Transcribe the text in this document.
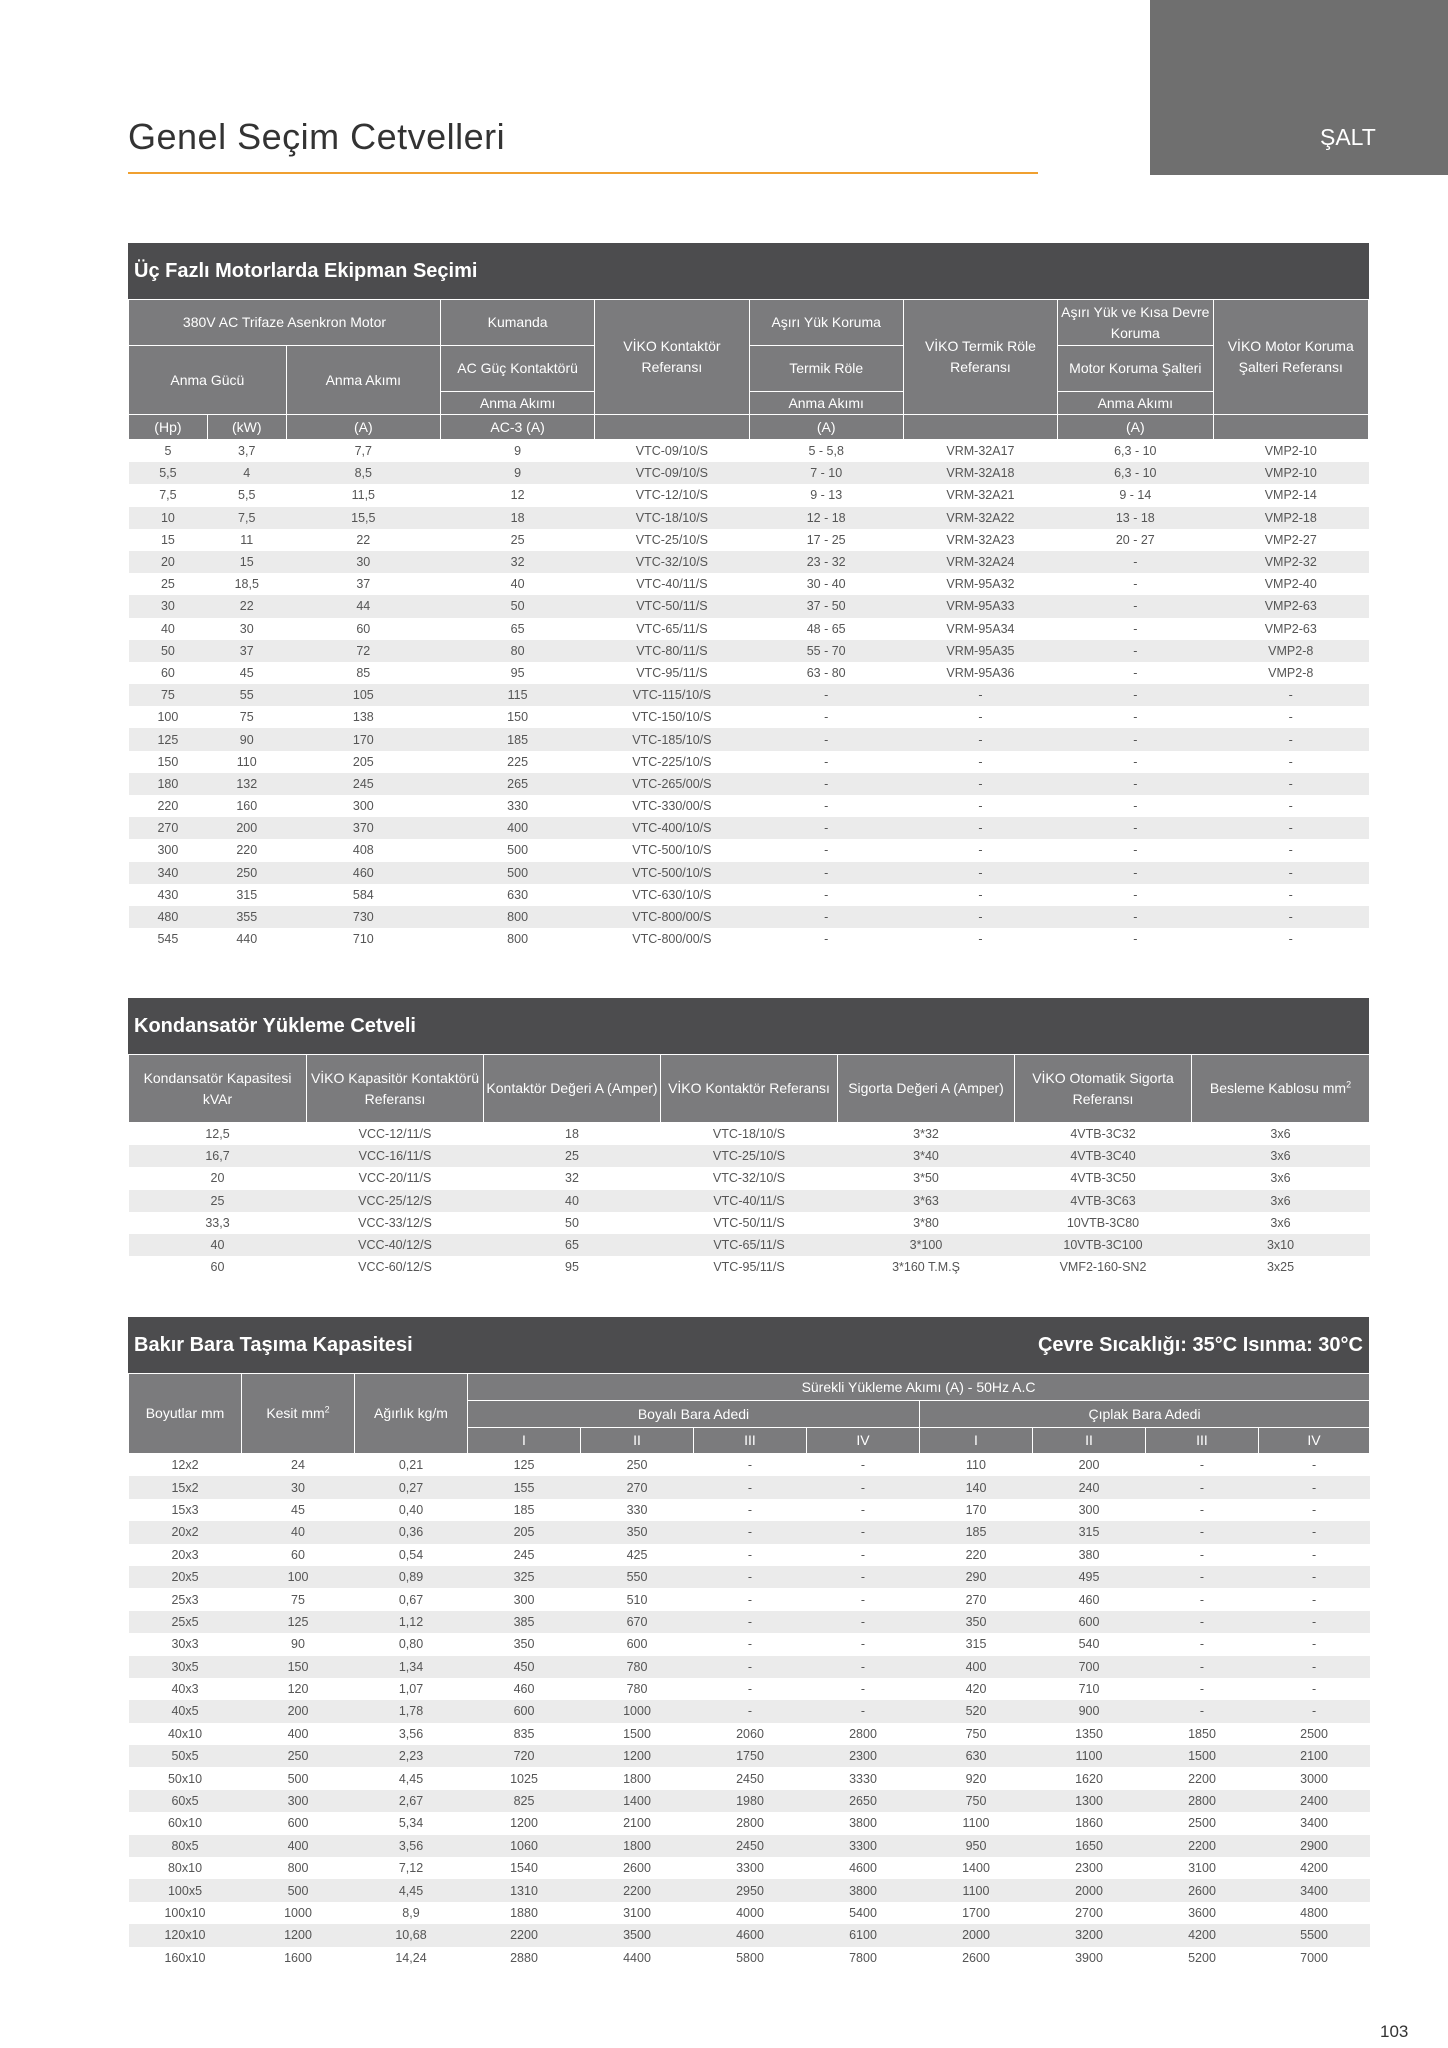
ŞALT
Genel Seçim Cetvelleri
Üç Fazlı Motorlarda Ekipman Seçimi
380V AC Trifaze Asenkron Motor			Kumanda	VİKO Kontaktör Referansı	Aşırı Yük Koruma	VİKO Termik Röle Referansı	Aşırı Yük ve Kısa Devre Koruma	VİKO Motor Koruma Şalteri Referansı
Anma Gücü		Anma Akımı	AC Güç Kontaktörü		Termik Röle		Motor Koruma Şalteri	
			Anma Akımı		Anma Akımı		Anma Akımı	
(Hp)	(kW)	(A)	AC-3 (A)		(A)		(A)	
5	3,7	7,7	9	VTC-09/10/S	5 - 5,8	VRM-32A17	6,3 - 10	VMP2-10
5,5	4	8,5	9	VTC-09/10/S	7 - 10	VRM-32A18	6,3 - 10	VMP2-10
7,5	5,5	11,5	12	VTC-12/10/S	9 - 13	VRM-32A21	9 - 14	VMP2-14
10	7,5	15,5	18	VTC-18/10/S	12 - 18	VRM-32A22	13 - 18	VMP2-18
15	11	22	25	VTC-25/10/S	17 - 25	VRM-32A23	20 - 27	VMP2-27
20	15	30	32	VTC-32/10/S	23 - 32	VRM-32A24	-	VMP2-32
25	18,5	37	40	VTC-40/11/S	30 - 40	VRM-95A32	-	VMP2-40
30	22	44	50	VTC-50/11/S	37 - 50	VRM-95A33	-	VMP2-63
40	30	60	65	VTC-65/11/S	48 - 65	VRM-95A34	-	VMP2-63
50	37	72	80	VTC-80/11/S	55 - 70	VRM-95A35	-	VMP2-8
60	45	85	95	VTC-95/11/S	63 - 80	VRM-95A36	-	VMP2-8
75	55	105	115	VTC-115/10/S	-	-	-	-
100	75	138	150	VTC-150/10/S	-	-	-	-
125	90	170	185	VTC-185/10/S	-	-	-	-
150	110	205	225	VTC-225/10/S	-	-	-	-
180	132	245	265	VTC-265/00/S	-	-	-	-
220	160	300	330	VTC-330/00/S	-	-	-	-
270	200	370	400	VTC-400/10/S	-	-	-	-
300	220	408	500	VTC-500/10/S	-	-	-	-
340	250	460	500	VTC-500/10/S	-	-	-	-
430	315	584	630	VTC-630/10/S	-	-	-	-
480	355	730	800	VTC-800/00/S	-	-	-	-
545	440	710	800	VTC-800/00/S	-	-	-	-
Kondansatör Yükleme Cetveli
Kondansatör Kapasitesi kVAr	VİKO Kapasitör Kontaktörü Referansı	Kontaktör Değeri A (Amper)	VİKO Kontaktör Referansı	Sigorta Değeri A (Amper)	VİKO Otomatik Sigorta Referansı	Besleme Kablosu $mm^2$
12,5	VCC-12/11/S	18	VTC-18/10/S	3*32	4VTB-3C32	3x6
16,7	VCC-16/11/S	25	VTC-25/10/S	3*40	4VTB-3C40	3x6
20	VCC-20/11/S	32	VTC-32/10/S	3*50	4VTB-3C50	3x6
25	VCC-25/12/S	40	VTC-40/11/S	3*63	4VTB-3C63	3x6
33,3	VCC-33/12/S	50	VTC-50/11/S	3*80	10VTB-3C80	3x6
40	VCC-40/12/S	65	VTC-65/11/S	3*100	10VTB-3C100	3x10
60	VCC-60/12/S	95	VTC-95/11/S	3*160 T.M.Ş	VMF2-160-SN2	3x25
Bakır Bara Taşıma Kapasitesi	Çevre Sıcaklığı: 35°C Isınma: 30°C
Boyutlar mm	Kesit $mm^2$	Ağırlık kg/m	Sürekli Yükleme Akımı (A) - 50Hz A.C							
			Boyalı Bara Adedi				Çıplak Bara Adedi			
			I	II	III	IV	I	II	III	IV
12x2	24	0,21	125	250	-	-	110	200	-	-
15x2	30	0,27	155	270	-	-	140	240	-	-
15x3	45	0,40	185	330	-	-	170	300	-	-
20x2	40	0,36	205	350	-	-	185	315	-	-
20x3	60	0,54	245	425	-	-	220	380	-	-
20x5	100	0,89	325	550	-	-	290	495	-	-
25x3	75	0,67	300	510	-	-	270	460	-	-
25x5	125	1,12	385	670	-	-	350	600	-	-
30x3	90	0,80	350	600	-	-	315	540	-	-
30x5	150	1,34	450	780	-	-	400	700	-	-
40x3	120	1,07	460	780	-	-	420	710	-	-
40x5	200	1,78	600	1000	-	-	520	900	-	-
40x10	400	3,56	835	1500	2060	2800	750	1350	1850	2500
50x5	250	2,23	720	1200	1750	2300	630	1100	1500	2100
50x10	500	4,45	1025	1800	2450	3330	920	1620	2200	3000
60x5	300	2,67	825	1400	1980	2650	750	1300	2800	2400
60x10	600	5,34	1200	2100	2800	3800	1100	1860	2500	3400
80x5	400	3,56	1060	1800	2450	3300	950	1650	2200	2900
80x10	800	7,12	1540	2600	3300	4600	1400	2300	3100	4200
100x5	500	4,45	1310	2200	2950	3800	1100	2000	2600	3400
100x10	1000	8,9	1880	3100	4000	5400	1700	2700	3600	4800
120x10	1200	10,68	2200	3500	4600	6100	2000	3200	4200	5500
160x10	1600	14,24	2880	4400	5800	7800	2600	3900	5200	7000
103
